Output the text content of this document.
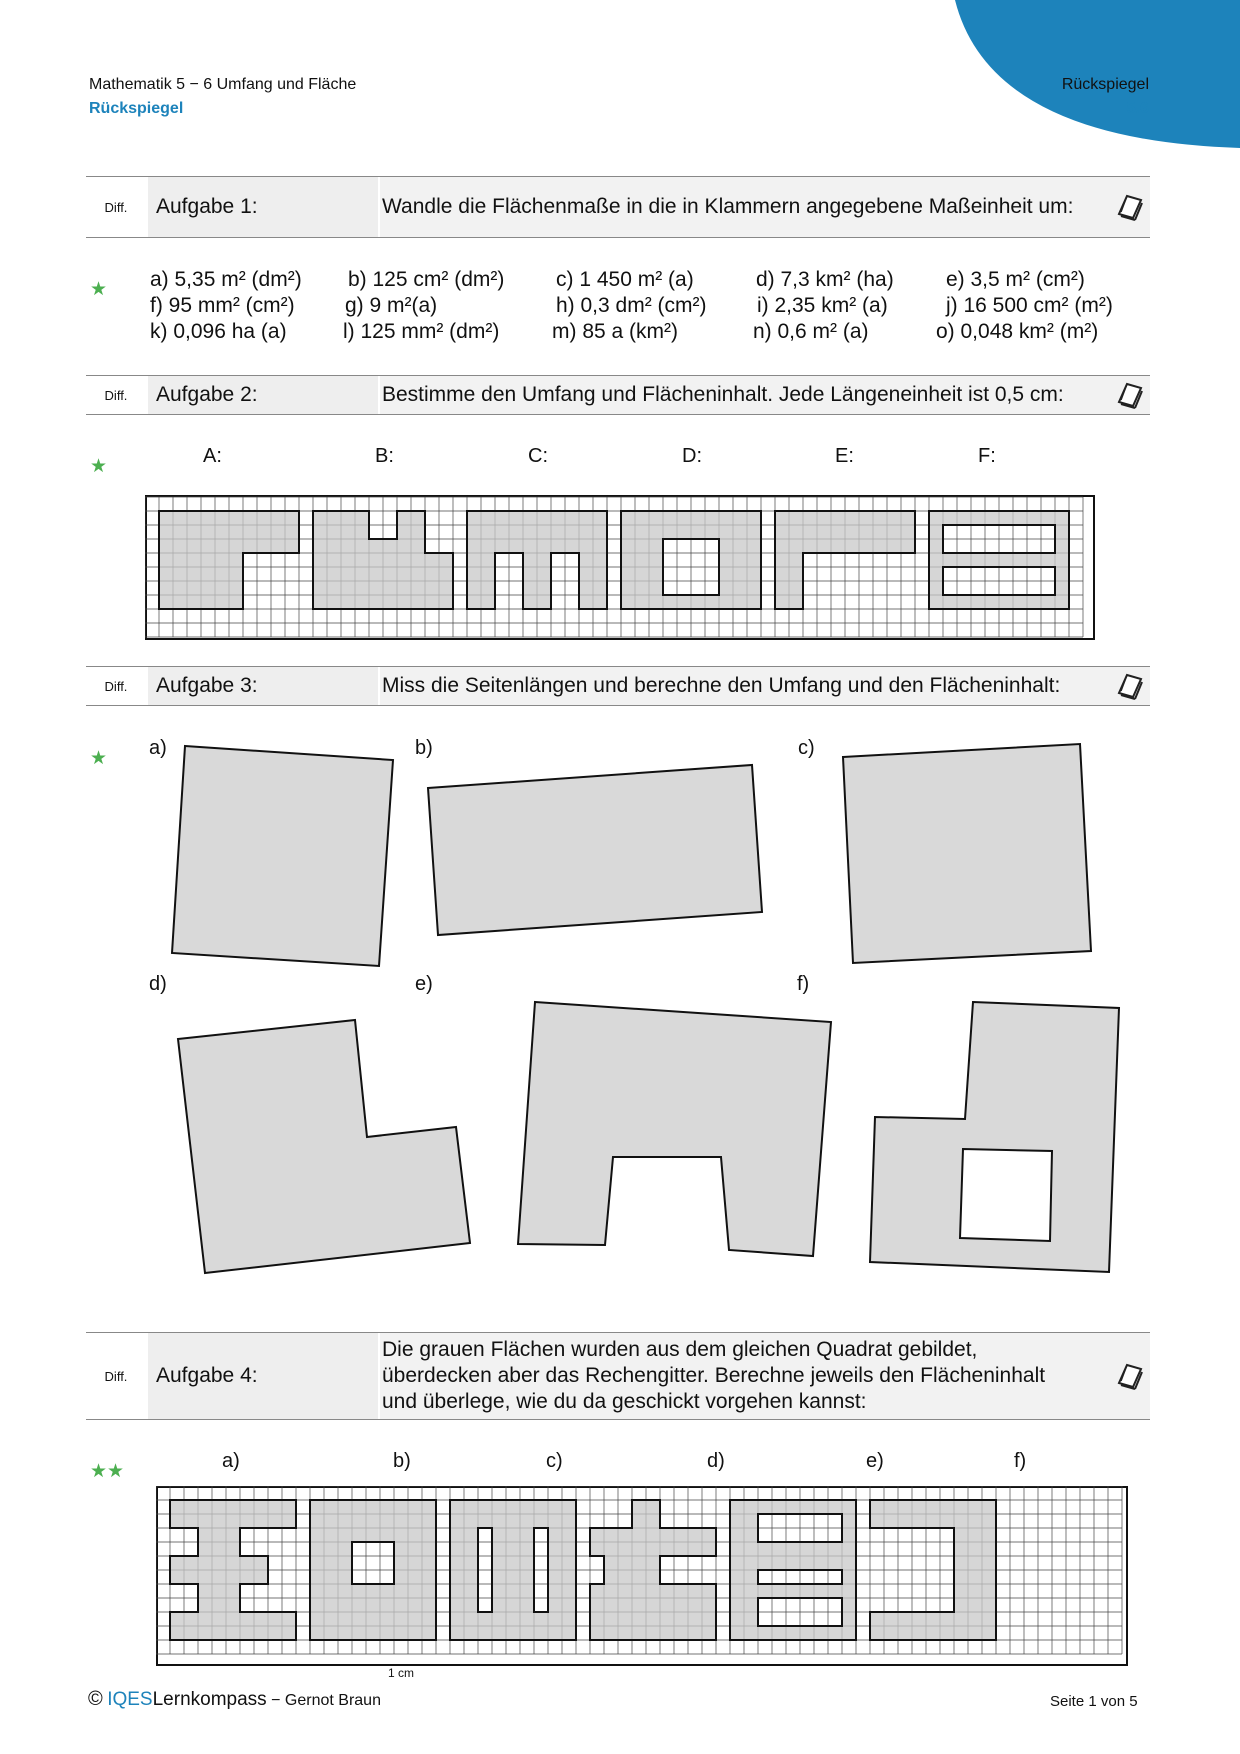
Mathematik 5 − 6 Umfang und Fläche
Rückspiegel
Rückspiegel
5.6
Diff.	Aufgabe 1:	Wandle die Flächenmaße in die in Klammern angegebene Maßeinheit um:
★ a) 5,35 m² (dm²) b) 125 cm² (dm²) c) 1 450 m² (a)	d) 7,3 km² (ha) e) 3,5 m² (cm²)
f) 95 mm² (cm²) g) 9 m²(a)	h) 0,3 dm² (cm²) i) 2,35 km² (a)	j) 16 500 cm² (m²)
k) 0,096 ha (a)	l) 125 mm² (dm²)	m) 85 a (km²)	n) 0,6 m² (a)	o) 0,048 km² (m²)
Diff.	Aufgabe 2:	Bestimme den Umfang und Flächeninhalt. Jede Längeneinheit ist 0,5 cm:
★	A:	B:	C:	D:	E:	F:
Diff.	Aufgabe 3:	Miss die Seitenlängen und berechne den Umfang und den Flächeninhalt:
★ a)	b)	c)
d)	e)	f)
Diff.	Aufgabe 4:
Die grauen Flächen wurden aus dem gleichen Quadrat gebildet,
überdecken aber das Rechengitter. Berechne jeweils den Flächeninhalt
und überlege, wie du da geschickt vorgehen kannst:
★★	a)	b)	c)	d)	e)	f)
1 cm
© IQESLernkompass − Gernot Braun	Seite 1 von 5
